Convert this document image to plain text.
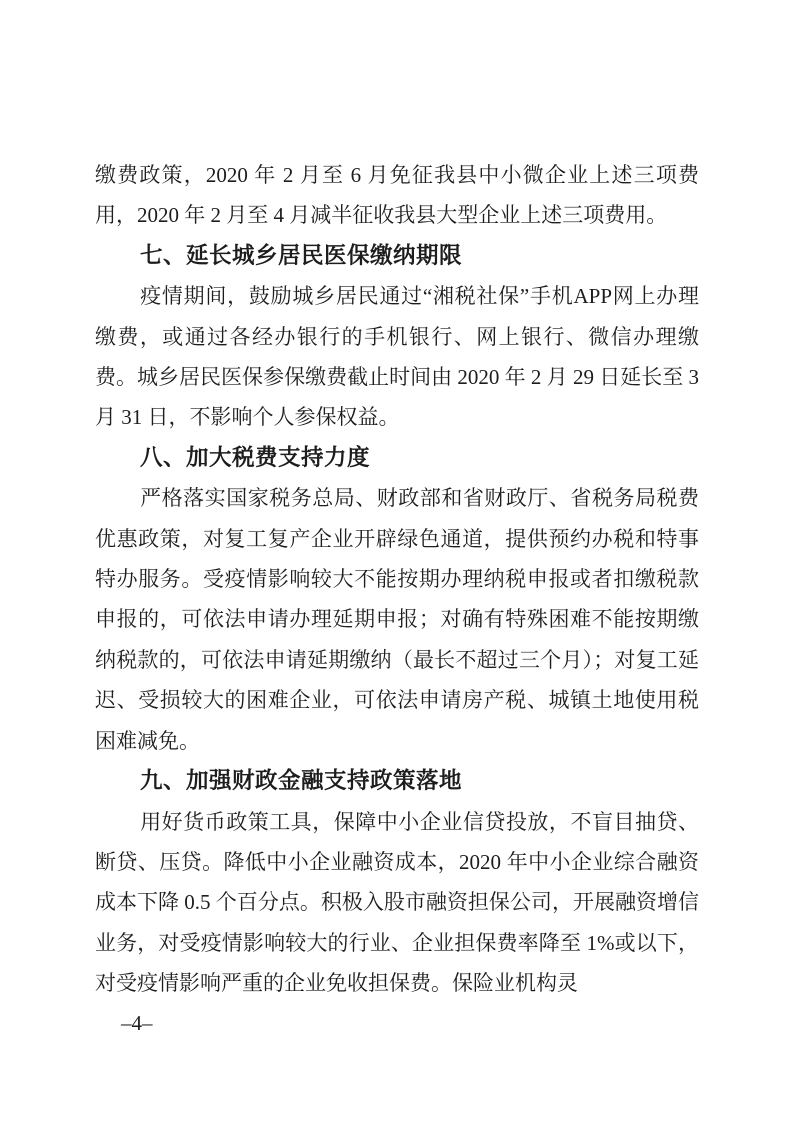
缴费政策，2020 年 2 月至 6 月免征我县中小微企业上述三项费用，2020 年 2 月至 4 月减半征收我县大型企业上述三项费用。

七、延长城乡居民医保缴纳期限

疫情期间，鼓励城乡居民通过“湘税社保”手机APP网上办理缴费，或通过各经办银行的手机银行、网上银行、微信办理缴费。城乡居民医保参保缴费截止时间由 2020 年 2 月 29 日延长至 3 月 31 日，不影响个人参保权益。

八、加大税费支持力度

严格落实国家税务总局、财政部和省财政厅、省税务局税费优惠政策，对复工复产企业开辟绿色通道，提供预约办税和特事特办服务。受疫情影响较大不能按期办理纳税申报或者扣缴税款申报的，可依法申请办理延期申报；对确有特殊困难不能按期缴纳税款的，可依法申请延期缴纳（最长不超过三个月）；对复工延迟、受损较大的困难企业，可依法申请房产税、城镇土地使用税困难减免。

九、加强财政金融支持政策落地

用好货币政策工具，保障中小企业信贷投放，不盲目抽贷、断贷、压贷。降低中小企业融资成本，2020 年中小企业综合融资成本下降 0.5 个百分点。积极入股市融资担保公司，开展融资增信业务，对受疫情影响较大的行业、企业担保费率降至 1%或以下，对受疫情影响严重的企业免收担保费。保险业机构灵

–4–
